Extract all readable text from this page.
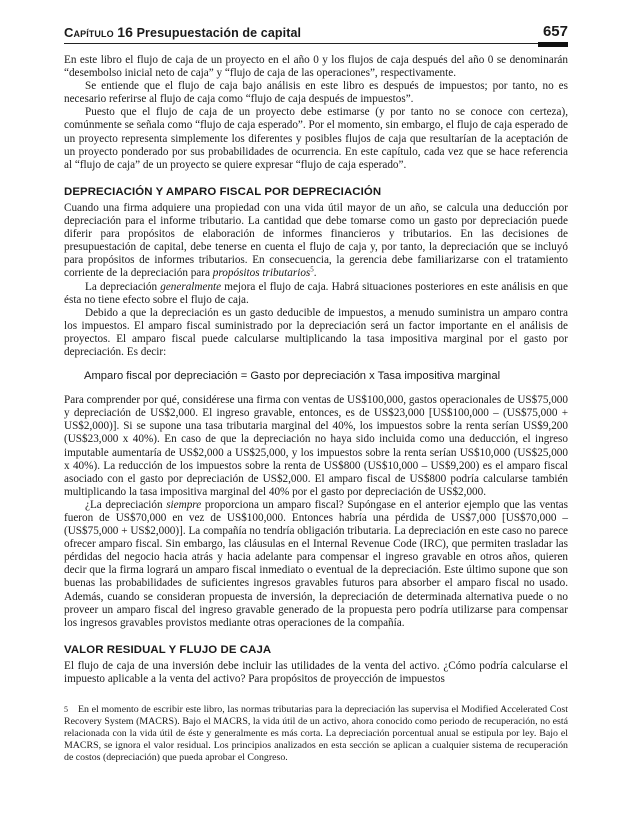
Capítulo 16 Presupuestación de capital	657

En este libro el flujo de caja de un proyecto en el año 0 y los flujos de caja después del año 0 se denominarán “desembolso inicial neto de caja” y “flujo de caja de las operaciones”, respectivamente.

Se entiende que el flujo de caja bajo análisis en este libro es después de impuestos; por tanto, no es necesario referirse al flujo de caja como “flujo de caja después de impuestos”.

Puesto que el flujo de caja de un proyecto debe estimarse (y por tanto no se conoce con certeza), comúnmente se señala como “flujo de caja esperado”. Por el momento, sin embargo, el flujo de caja esperado de un proyecto representa simplemente los diferentes y posibles flujos de caja que resultarían de la aceptación de un proyecto ponderado por sus probabilidades de ocurrencia. En este capítulo, cada vez que se hace referencia al “flujo de caja” de un proyecto se quiere expresar “flujo de caja esperado”.

DEPRECIACIÓN Y AMPARO FISCAL POR DEPRECIACIÓN

Cuando una firma adquiere una propiedad con una vida útil mayor de un año, se calcula una deducción por depreciación para el informe tributario. La cantidad que debe tomarse como un gasto por depreciación puede diferir para propósitos de elaboración de informes financieros y tributarios. En las decisiones de presupuestación de capital, debe tenerse en cuenta el flujo de caja y, por tanto, la depreciación que se incluyó para propósitos de informes tributarios. En consecuencia, la gerencia debe familiarizarse con el tratamiento corriente de la depreciación para propósitos tributarios$^5$.

La depreciación generalmente mejora el flujo de caja. Habrá situaciones posteriores en este análisis en que ésta no tiene efecto sobre el flujo de caja.

Debido a que la depreciación es un gasto deducible de impuestos, a menudo suministra un amparo contra los impuestos. El amparo fiscal suministrado por la depreciación será un factor importante en el análisis de proyectos. El amparo fiscal puede calcularse multiplicando la tasa impositiva marginal por el gasto por depreciación. Es decir:

Amparo fiscal por depreciación = Gasto por depreciación x Tasa impositiva marginal

Para comprender por qué, considérese una firma con ventas de US$100,000, gastos operacionales de US$75,000 y depreciación de US$2,000. El ingreso gravable, entonces, es de US$23,000 [US$100,000 – (US$75,000 + US$2,000)]. Si se supone una tasa tributaria marginal del 40%, los impuestos sobre la renta serían US$9,200 (US$23,000 x 40%). En caso de que la depreciación no haya sido incluida como una deducción, el ingreso imputable aumentaría de US$2,000 a US$25,000, y los impuestos sobre la renta serían US$10,000 (US$25,000 x 40%). La reducción de los impuestos sobre la renta de US$800 (US$10,000 – US$9,200) es el amparo fiscal asociado con el gasto por depreciación de US$2,000. El amparo fiscal de US$800 podría calcularse también multiplicando la tasa impositiva marginal del 40% por el gasto por depreciación de US$2,000.

¿La depreciación siempre proporciona un amparo fiscal? Supóngase en el anterior ejemplo que las ventas fueron de US$70,000 en vez de US$100,000. Entonces habría una pérdida de US$7,000 [US$70,000 – (US$75,000 + US$2,000)]. La compañía no tendría obligación tributaria. La depreciación en este caso no parece ofrecer amparo fiscal. Sin embargo, las cláusulas en el Internal Revenue Code (IRC), que permiten trasladar las pérdidas del negocio hacia atrás y hacia adelante para compensar el ingreso gravable en otros años, quieren decir que la firma logrará un amparo fiscal inmediato o eventual de la depreciación. Este último supone que son buenas las probabilidades de suficientes ingresos gravables futuros para absorber el amparo fiscal no usado. Además, cuando se consideran propuesta de inversión, la depreciación de determinada alternativa puede o no proveer un amparo fiscal del ingreso gravable generado de la propuesta pero podría utilizarse para compensar los ingresos gravables provistos mediante otras operaciones de la compañía.

VALOR RESIDUAL Y FLUJO DE CAJA

El flujo de caja de una inversión debe incluir las utilidades de la venta del activo. ¿Cómo podría calcularse el impuesto aplicable a la venta del activo? Para propósitos de proyección de impuestos

5 En el momento de escribir este libro, las normas tributarias para la depreciación las supervisa el Modified Accelerated Cost Recovery System (MACRS). Bajo el MACRS, la vida útil de un activo, ahora conocido como periodo de recuperación, no está relacionada con la vida útil de éste y generalmente es más corta. La depreciación porcentual anual se estipula por ley. Bajo el MACRS, se ignora el valor residual. Los principios analizados en esta sección se aplican a cualquier sistema de recuperación de costos (depreciación) que pueda aprobar el Congreso.
